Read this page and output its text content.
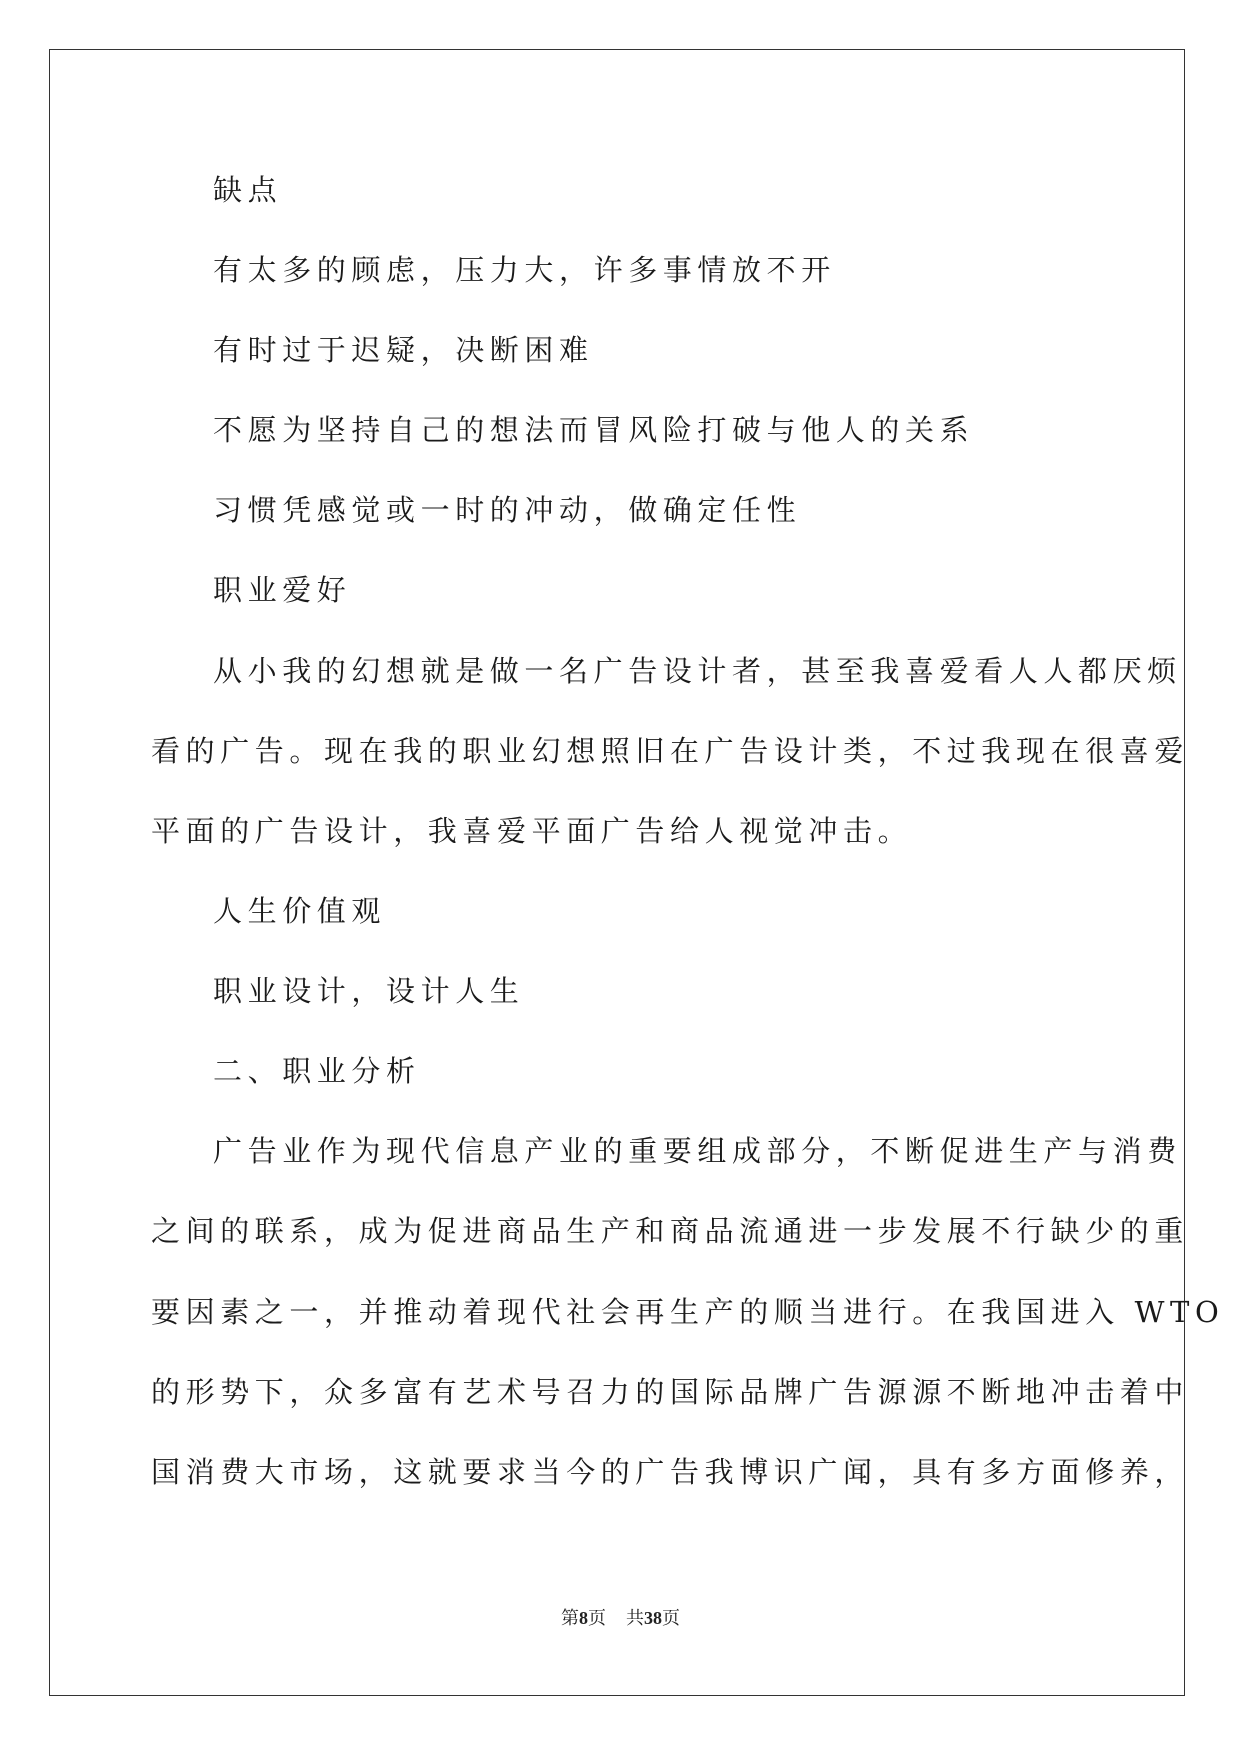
缺点
有太多的顾虑，压力大，许多事情放不开
有时过于迟疑，决断困难
不愿为坚持自己的想法而冒风险打破与他人的关系
习惯凭感觉或一时的冲动，做确定任性
职业爱好
从小我的幻想就是做一名广告设计者，甚至我喜爱看人人都厌烦
看的广告。现在我的职业幻想照旧在广告设计类，不过我现在很喜爱
平面的广告设计，我喜爱平面广告给人视觉冲击。
人生价值观
职业设计，设计人生
二、职业分析
广告业作为现代信息产业的重要组成部分，不断促进生产与消费
之间的联系，成为促进商品生产和商品流通进一步发展不行缺少的重
要因素之一，并推动着现代社会再生产的顺当进行。在我国进入 WTO
的形势下，众多富有艺术号召力的国际品牌广告源源不断地冲击着中
国消费大市场，这就要求当今的广告我博识广闻，具有多方面修养，
第8页 共38页
